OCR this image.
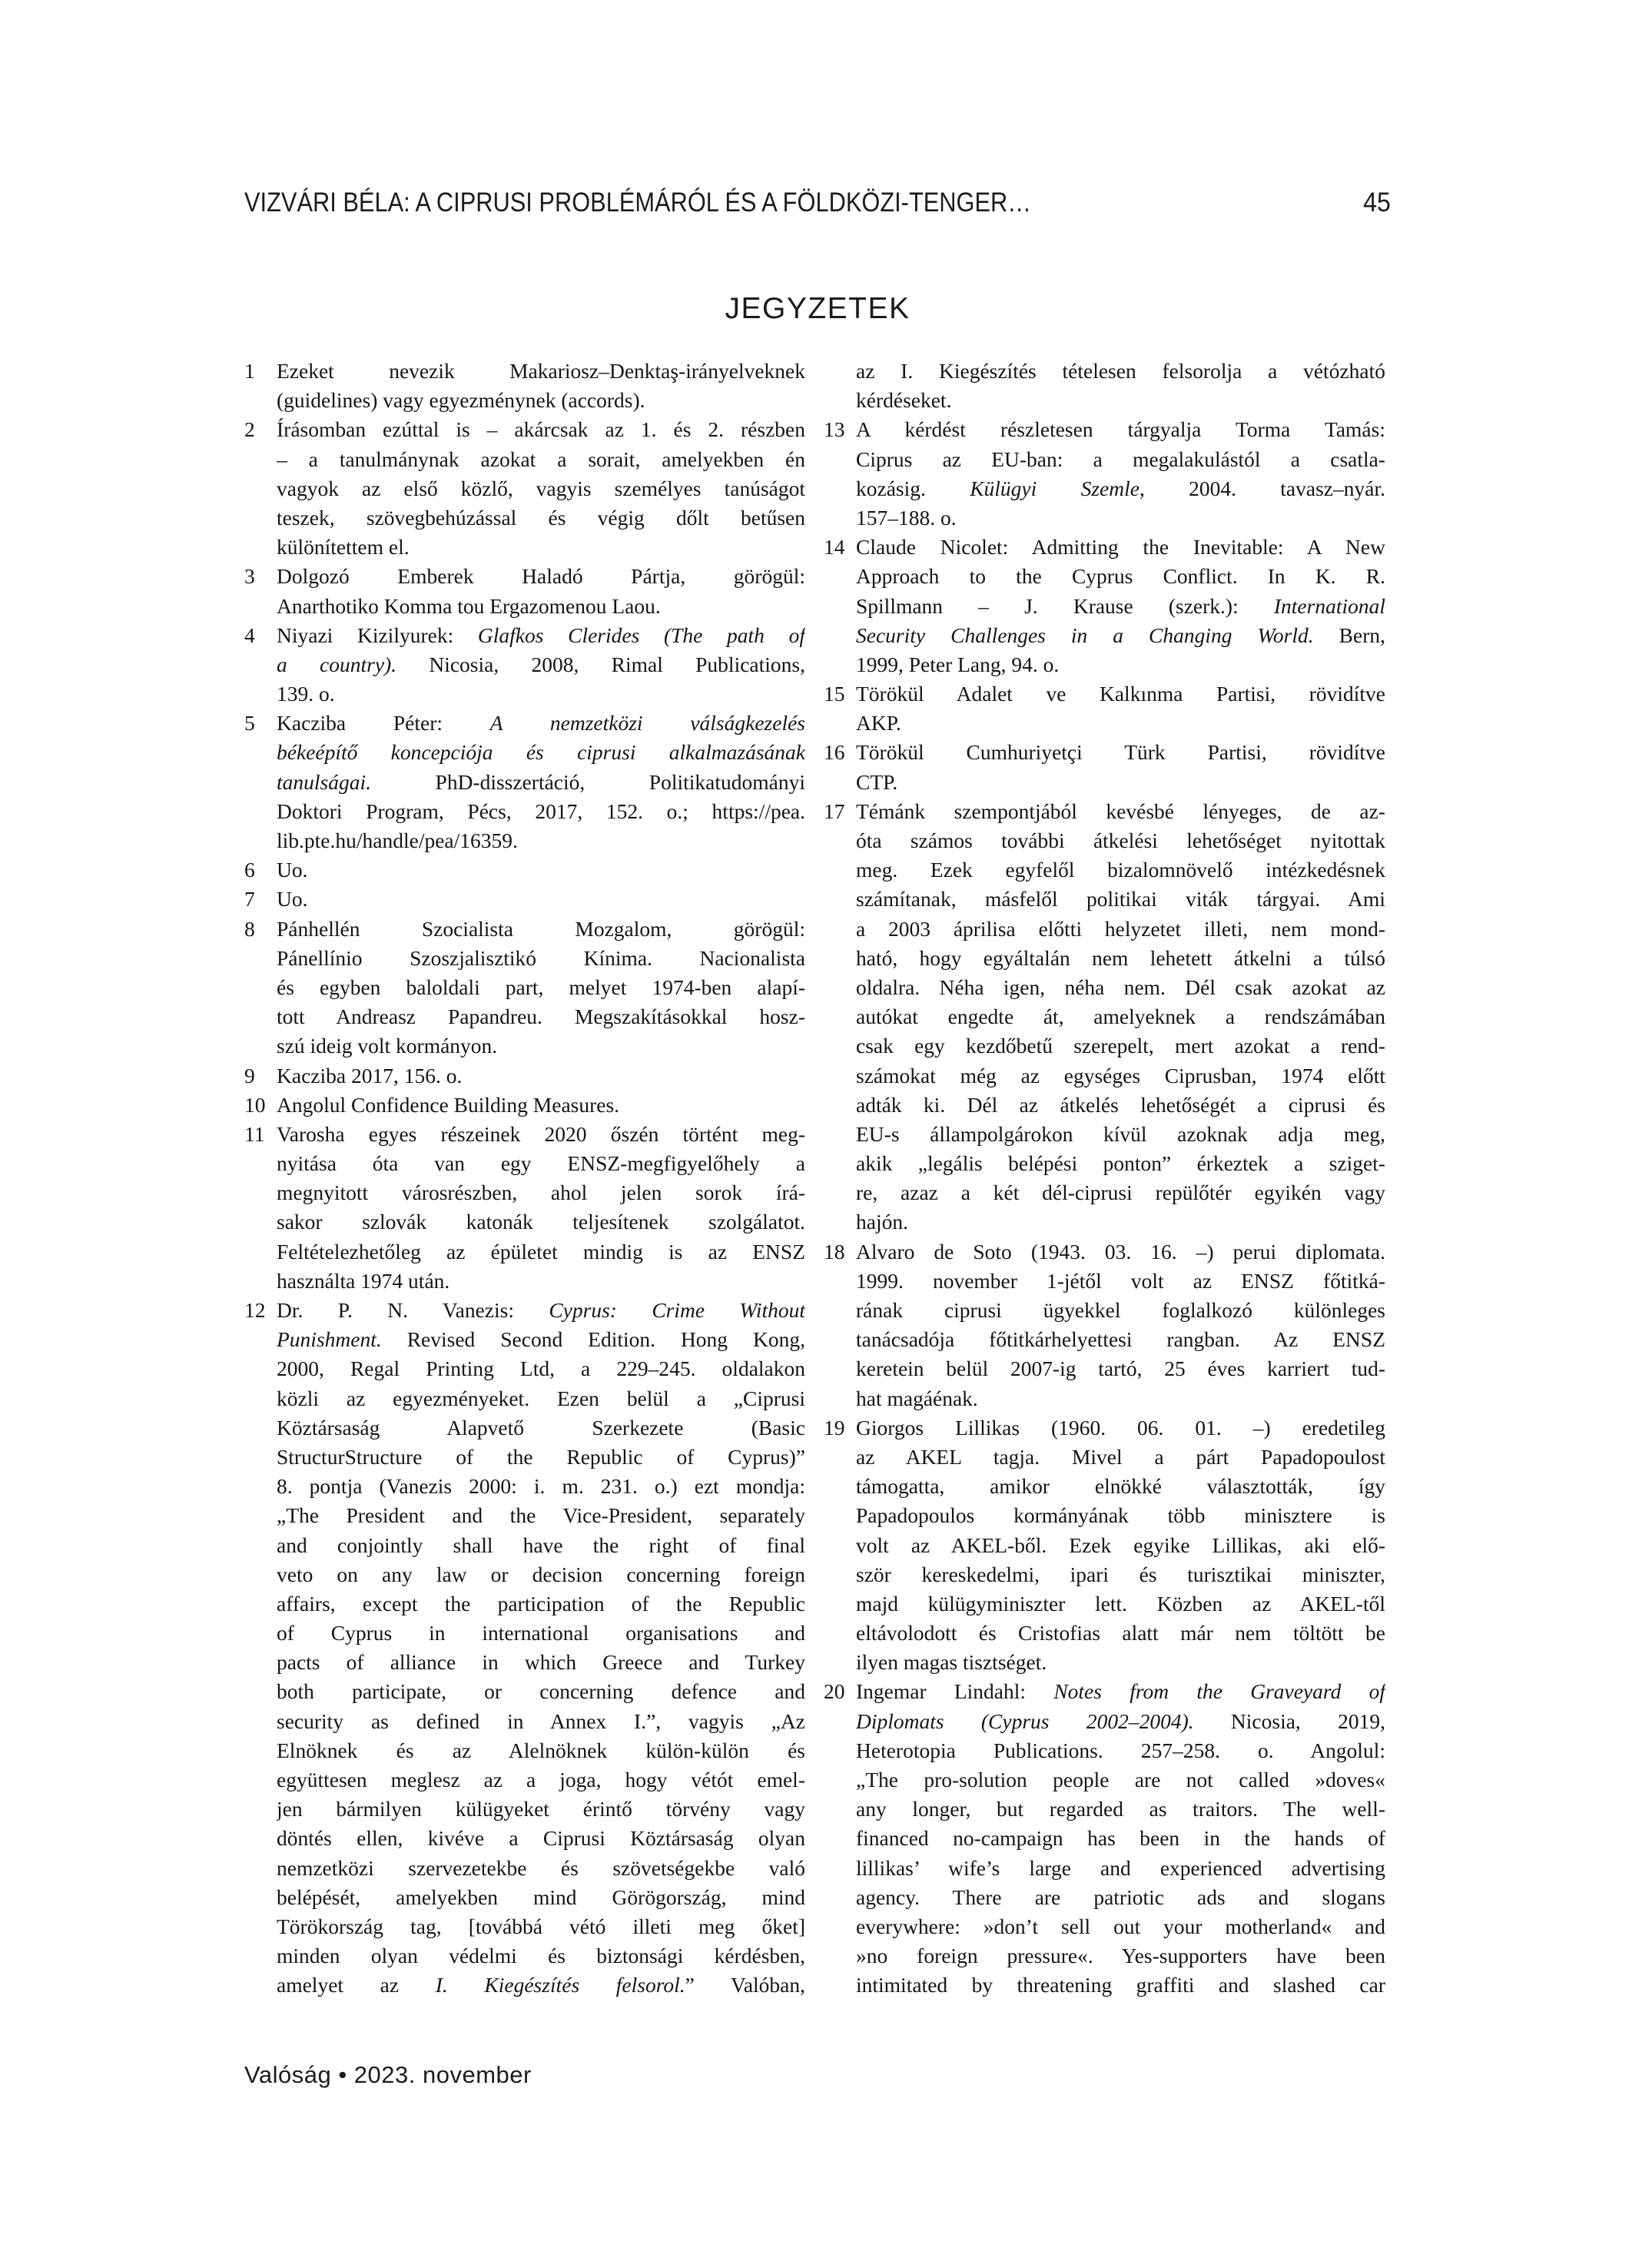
VIZVÁRI BÉLA: A CIPRUSI PROBLÉMÁRÓL ÉS A FÖLDKÖZI-TENGER…	45
JEGYZETEK
1 Ezeket nevezik Makariosz–Denktaş-irányelveknek
(guidelines) vagy egyezménynek (accords).
2 Írásomban ezúttal is – akárcsak az 1. és 2. részben
– a tanulmánynak azokat a sorait, amelyekben én
vagyok az első közlő, vagyis személyes tanúságot
teszek, szövegbehúzással és végig dőlt betűsen
különítettem el.
3 Dolgozó Emberek Haladó Pártja, görögül:
Anarthotiko Komma tou Ergazomenou Laou.
4 Niyazi Kizilyurek: Glafkos Clerides (The path of
a country). Nicosia, 2008, Rimal Publications,
139. o.
5 Kacziba Péter: A nemzetközi válságkezelés
békeépítő koncepciója és ciprusi alkalmazásának
tanulságai. PhD-disszertáció, Politikatudományi
Doktori Program, Pécs, 2017, 152. o.; https://pea.
lib.pte.hu/handle/pea/16359.
6 Uo.
7 Uo.
8 Pánhellén Szocialista Mozgalom, görögül:
Pánellínio Szoszjalisztikó Kínima. Nacionalista
és egyben baloldali part, melyet 1974-ben alapí-
tott Andreasz Papandreu. Megszakításokkal hosz-
szú ideig volt kormányon.
9 Kacziba 2017, 156. o.
10 Angolul Confidence Building Measures.
11 Varosha egyes részeinek 2020 őszén történt meg-
nyitása óta van egy ENSZ-megfigyelőhely a
megnyitott városrészben, ahol jelen sorok írá-
sakor szlovák katonák teljesítenek szolgálatot.
Feltételezhetőleg az épületet mindig is az ENSZ
használta 1974 után.
12 Dr. P. N. Vanezis: Cyprus: Crime Without
Punishment. Revised Second Edition. Hong Kong,
2000, Regal Printing Ltd, a 229–245. oldalakon
közli az egyezményeket. Ezen belül a „Ciprusi
Köztársaság Alapvető Szerkezete (Basic
StructurStructure of the Republic of Cyprus)”
8. pontja (Vanezis 2000: i. m. 231. o.) ezt mondja:
„The President and the Vice-President, separately
and conjointly shall have the right of final
veto on any law or decision concerning foreign
affairs, except the participation of the Republic
of Cyprus in international organisations and
pacts of alliance in which Greece and Turkey
both participate, or concerning defence and
security as defined in Annex I.”, vagyis „Az
Elnöknek és az Alelnöknek külön-külön és
együttesen meglesz az a joga, hogy vétót emel-
jen bármilyen külügyeket érintő törvény vagy
döntés ellen, kivéve a Ciprusi Köztársaság olyan
nemzetközi szervezetekbe és szövetségekbe való
belépését, amelyekben mind Görögország, mind
Törökország tag, [továbbá vétó illeti meg őket]
minden olyan védelmi és biztonsági kérdésben,
amelyet az I. Kiegészítés felsorol.” Valóban,
az I. Kiegészítés tételesen felsorolja a vétózható
kérdéseket.
13 A kérdést részletesen tárgyalja Torma Tamás:
Ciprus az EU-ban: a megalakulástól a csatla-
kozásig. Külügyi Szemle, 2004. tavasz–nyár.
157–188. o.
14 Claude Nicolet: Admitting the Inevitable: A New
Approach to the Cyprus Conflict. In K. R.
Spillmann – J. Krause (szerk.): International
Security Challenges in a Changing World. Bern,
1999, Peter Lang, 94. o.
15 Törökül Adalet ve Kalkınma Partisi, rövidítve
AKP.
16 Törökül Cumhuriyetçi Türk Partisi, rövidítve
CTP.
17 Témánk szempontjából kevésbé lényeges, de az-
óta számos további átkelési lehetőséget nyitottak
meg. Ezek egyfelől bizalomnövelő intézkedésnek
számítanak, másfelől politikai viták tárgyai. Ami
a 2003 áprilisa előtti helyzetet illeti, nem mond-
ható, hogy egyáltalán nem lehetett átkelni a túlsó
oldalra. Néha igen, néha nem. Dél csak azokat az
autókat engedte át, amelyeknek a rendszámában
csak egy kezdőbetű szerepelt, mert azokat a rend-
számokat még az egységes Ciprusban, 1974 előtt
adták ki. Dél az átkelés lehetőségét a ciprusi és
EU-s állampolgárokon kívül azoknak adja meg,
akik „legális belépési ponton” érkeztek a sziget-
re, azaz a két dél-ciprusi repülőtér egyikén vagy
hajón.
18 Alvaro de Soto (1943. 03. 16. –) perui diplomata.
1999. november 1-jétől volt az ENSZ főtitká-
rának ciprusi ügyekkel foglalkozó különleges
tanácsadója főtitkárhelyettesi rangban. Az ENSZ
keretein belül 2007-ig tartó, 25 éves karriert tud-
hat magáénak.
19 Giorgos Lillikas (1960. 06. 01. –) eredetileg
az AKEL tagja. Mivel a párt Papadopoulost
támogatta, amikor elnökké választották, így
Papadopoulos kormányának több minisztere is
volt az AKEL-ből. Ezek egyike Lillikas, aki elő-
ször kereskedelmi, ipari és turisztikai miniszter,
majd külügyminiszter lett. Közben az AKEL-től
eltávolodott és Cristofias alatt már nem töltött be
ilyen magas tisztséget.
20 Ingemar Lindahl: Notes from the Graveyard of
Diplomats (Cyprus 2002–2004). Nicosia, 2019,
Heterotopia Publications. 257–258. o. Angolul:
„The pro-solution people are not called »doves«
any longer, but regarded as traitors. The well-
financed no-campaign has been in the hands of
lillikas’ wife’s large and experienced advertising
agency. There are patriotic ads and slogans
everywhere: »don’t sell out your motherland« and
»no foreign pressure«. Yes-supporters have been
intimitated by threatening graffiti and slashed car
Valóság • 2023. november
